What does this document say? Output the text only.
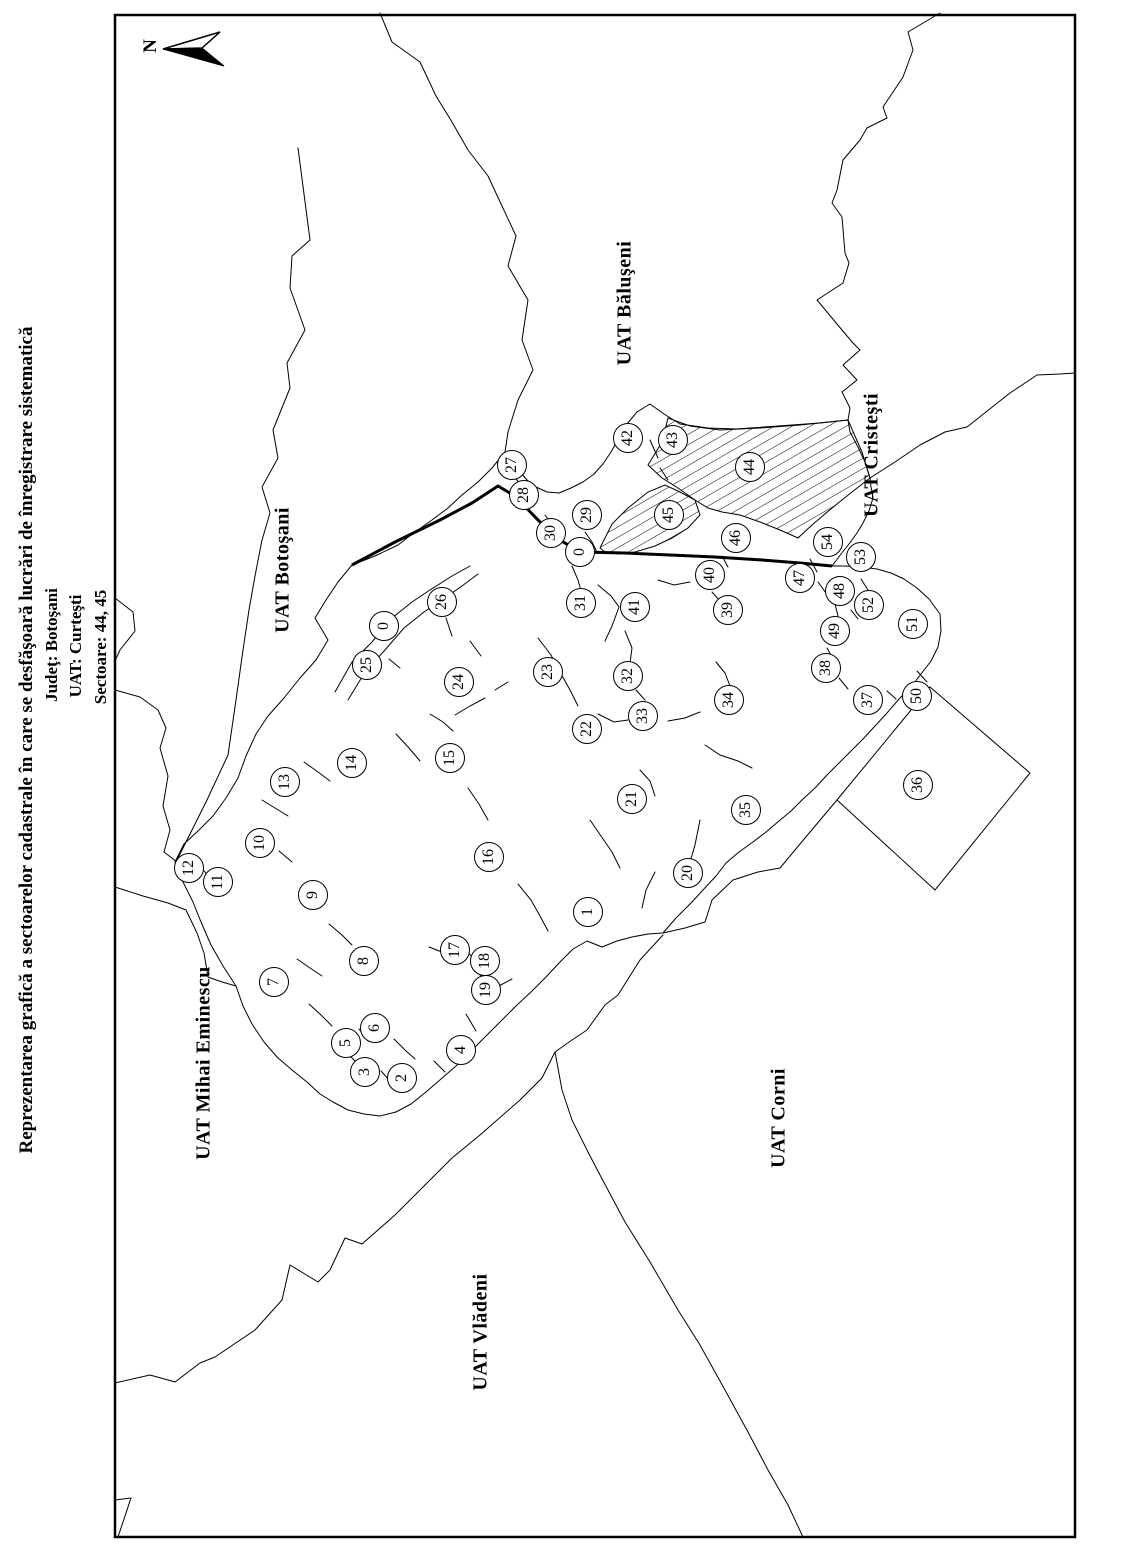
Reprezentarea grafică a sectoarelor cadastrale în care se desfăşoară lucrări de înregistrare sistematică Judeţ: Botoşani UAT: Curteşti Sectoare: 44, 45
N
UAT Botoşani
UAT Băluşeni
UAT Cristeşti
UAT Mihai Eminescu
UAT Vlădeni
UAT Corni
27
28
42	43
44
29	45
30	46
0
54
53
47
40
48
52
26	31	41	39
51
0	49
25	38
23	32
24
33
34	37	50
22
15
14
13
21
35
36
16
10
12
11
20
9
1
17
8	18
7	19
6
5
4
3
2
